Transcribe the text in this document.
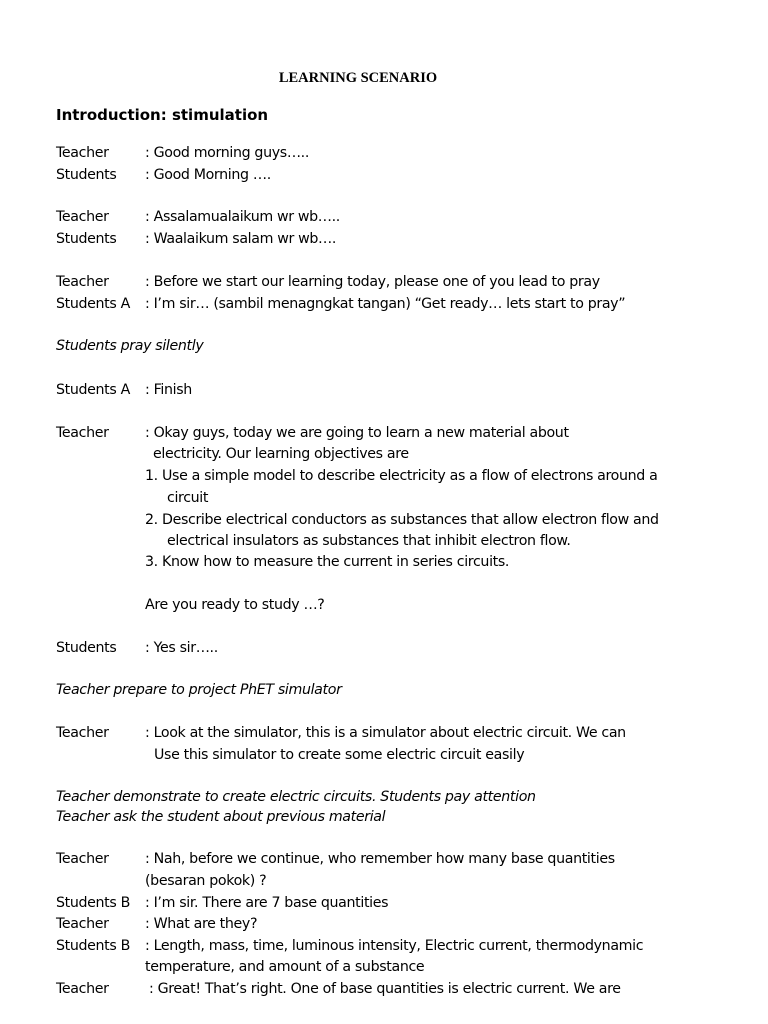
LEARNING SCENARIO
Introduction: stimulation
Teacher	: Good morning guys…..
Students : Good Morning ….
Teacher	: Assalamualaikum wr wb…..
Students : Waalaikum salam wr wb….
Teacher	: Before we start our learning today, please one of you lead to pray
Students A : I’m sir… (sambil menagngkat tangan) “Get ready… lets start to pray”
Students pray silently
Students A : Finish
Teacher	: Okay guys, today we are going to learn a new material about
electricity. Our learning objectives are
1. Use a simple model to describe electricity as a flow of electrons around a
circuit
2. Describe electrical conductors as substances that allow electron flow and
electrical insulators as substances that inhibit electron flow.
3. Know how to measure the current in series circuits.
Are you ready to study …?
Students : Yes sir…..
Teacher prepare to project PhET simulator
Teacher	: Look at the simulator, this is a simulator about electric circuit. We can
Use this simulator to create some electric circuit easily
Teacher demonstrate to create electric circuits. Students pay attention
Teacher ask the student about previous material
Teacher	: Nah, before we continue, who remember how many base quantities
(besaran pokok) ?
Students B : I’m sir. There are 7 base quantities
Teacher	: What are they?
Students B : Length, mass, time, luminous intensity, Electric current, thermodynamic
temperature, and amount of a substance
Teacher	: Great! That’s right. One of base quantities is electric current. We are
